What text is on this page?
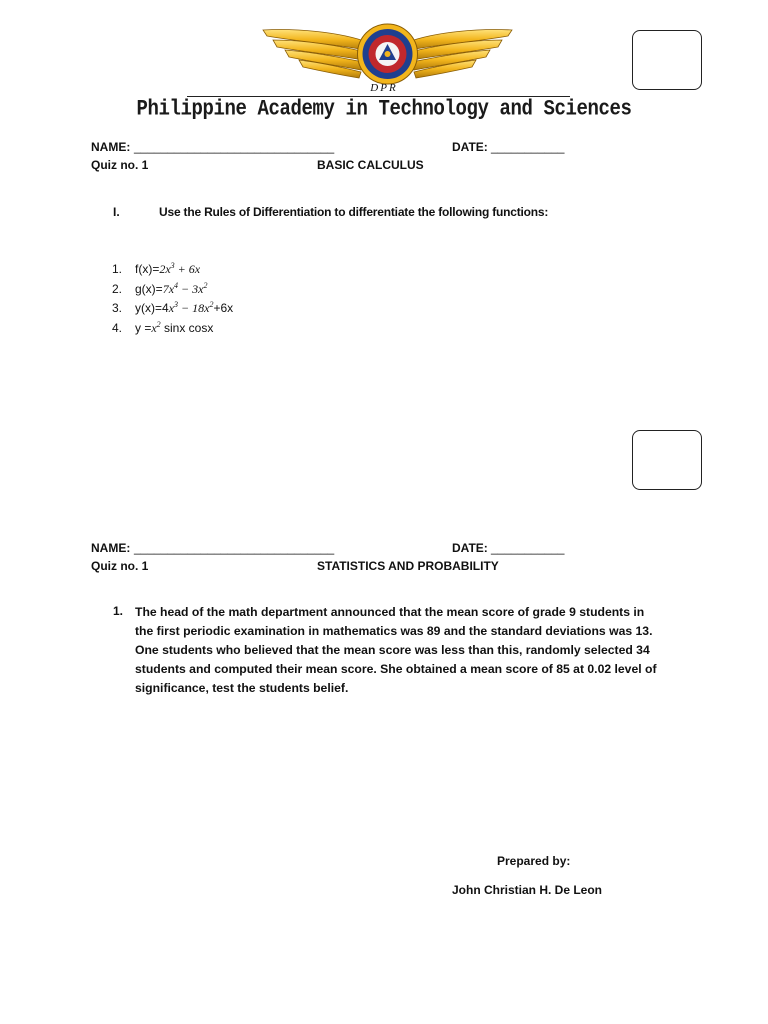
DPR
Philippine Academy in Technology and Sciences
NAME: ______________________________	DATE: ___________
Quiz no. 1	BASIC CALCULUS
I.	Use the Rules of Differentiation to differentiate the following functions:
1.	$f(x)= 2x^3 + 6x$
2.	$g(x)= 7x^4 - 3x^2$
3.	y(x)=4 $x^3 - 18x^2 +6x$
4.	$y = x^2$ sinx cosx
NAME: ______________________________	DATE: ___________
Quiz no. 1	STATISTICS AND PROBABILITY
1. The head of the math department announced that the mean score of grade 9 students in the first periodic examination in mathematics was 89 and the standard deviations was 13. One students who believed that the mean score was less than this, randomly selected 34 students and computed their mean score. She obtained a mean score of 85 at 0.02 level of significance, test the students belief.
Prepared by:
John Christian H. De Leon
